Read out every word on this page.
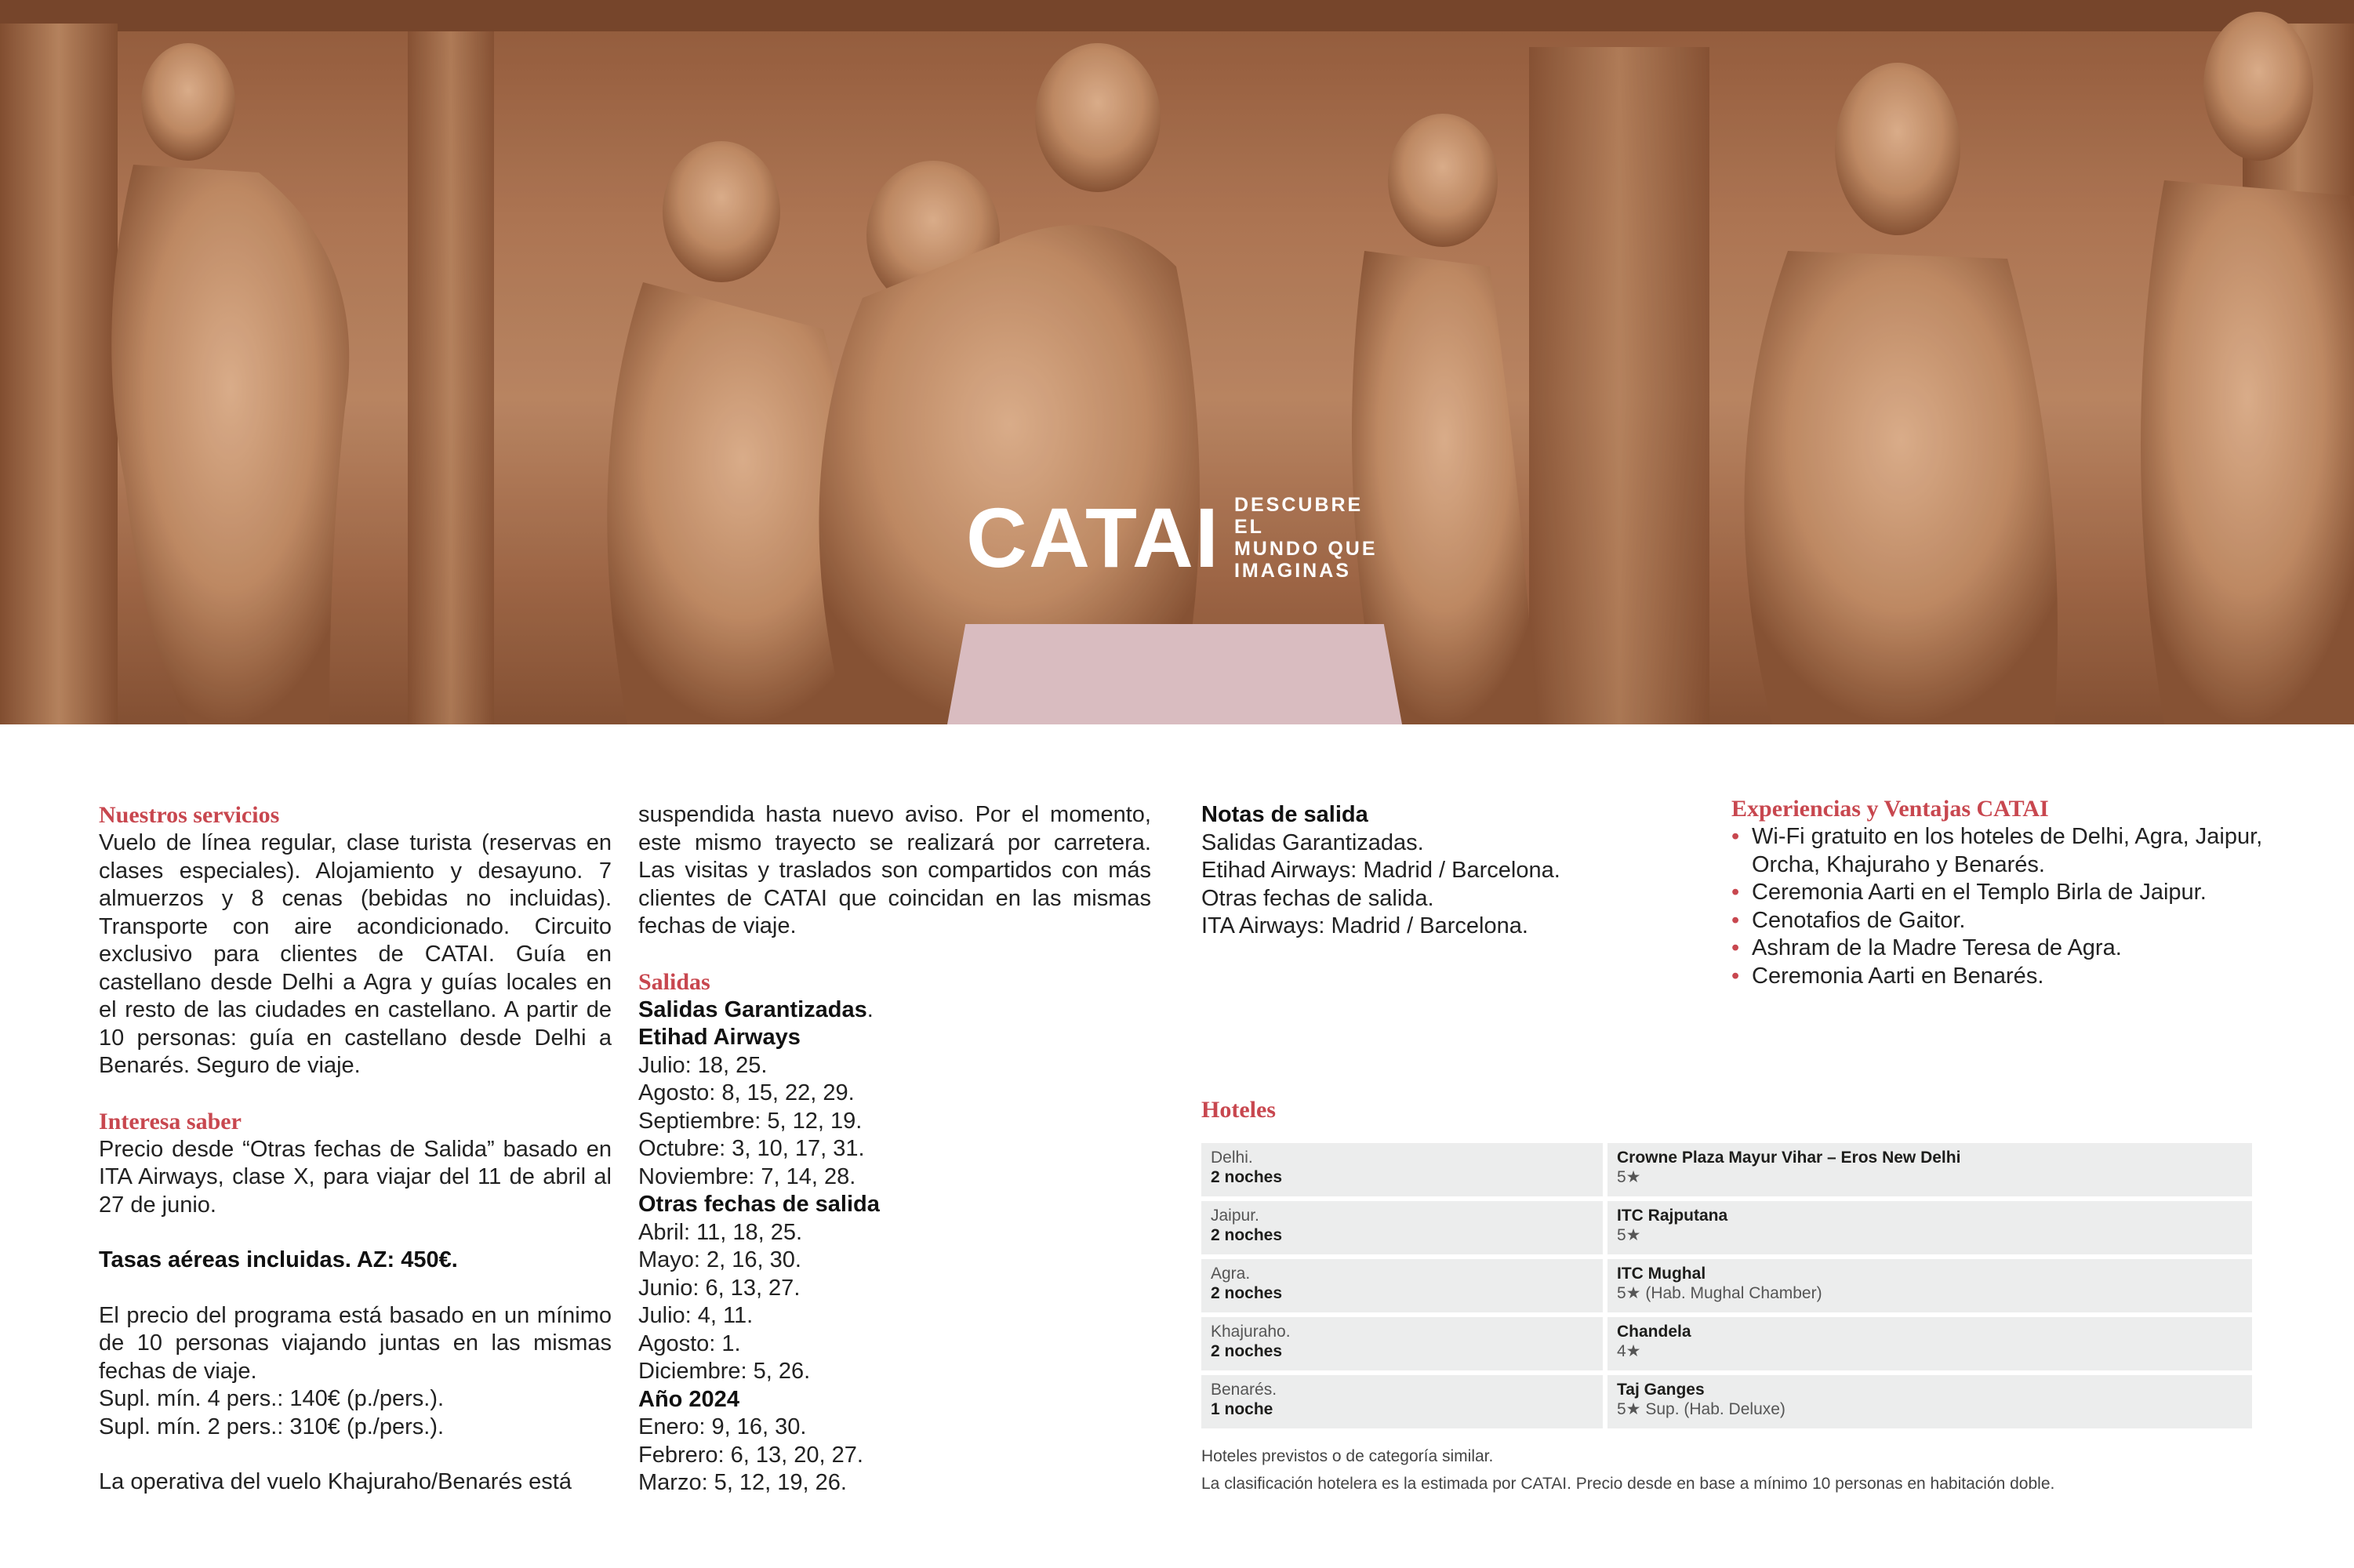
CATAI DESCUBRE EL
MUNDO QUE
IMAGINAS
Nuestros servicios

Vuelo de línea regular, clase turista (reservas en clases especiales). Alojamiento y desayuno. 7 almuerzos y 8 cenas (bebidas no incluidas). Transporte con aire acondicionado. Circuito exclusivo para clientes de CATAI. Guía en castellano desde Delhi a Agra y guías locales en el resto de las ciudades en castellano. A partir de 10 personas: guía en castellano desde Delhi a Benarés. Seguro de viaje.

Interesa saber

Precio desde “Otras fechas de Salida” basado en ITA Airways, clase X, para viajar del 11 de abril al 27 de junio.

Tasas aéreas incluidas. AZ: 450€.

El precio del programa está basado en un mínimo de 10 personas viajando juntas en las mismas fechas de viaje.

Supl. mín. 4 pers.: 140€ (p./pers.).

Supl. mín. 2 pers.: 310€ (p./pers.).

La operativa del vuelo Khajuraho/Benarés está

suspendida hasta nuevo aviso. Por el momento, este mismo trayecto se realizará por carretera. Las visitas y traslados son compartidos con más clientes de CATAI que coincidan en las mismas fechas de viaje.

Salidas
Salidas Garantizadas.
Etihad Airways
Julio: 18, 25.
Agosto: 8, 15, 22, 29.
Septiembre: 5, 12, 19.
Octubre: 3, 10, 17, 31.
Noviembre: 7, 14, 28.
Otras fechas de salida
Abril: 11, 18, 25.
Mayo: 2, 16, 30.
Junio: 6, 13, 27.
Julio: 4, 11.
Agosto: 1.
Diciembre: 5, 26.
Año 2024
Enero: 9, 16, 30.
Febrero: 6, 13, 20, 27.
Marzo: 5, 12, 19, 26.
Notas de salida
Salidas Garantizadas.
Etihad Airways: Madrid / Barcelona.
Otras fechas de salida.
ITA Airways: Madrid / Barcelona.
Experiencias y Ventajas CATAI
• Wi-Fi gratuito en los hoteles de Delhi, Agra, Jaipur, Orcha, Khajuraho y Benarés.
• Ceremonia Aarti en el Templo Birla de Jaipur.
• Cenotafios de Gaitor.
• Ashram de la Madre Teresa de Agra.
• Ceremonia Aarti en Benarés.
Hoteles
Delhi.
2 noches
Crowne Plaza Mayur Vihar – Eros New Delhi
5★
Jaipur.
2 noches
ITC Rajputana
5★
Agra.
2 noches
ITC Mughal
5★ (Hab. Mughal Chamber)
Khajuraho.
2 noches
Chandela
4★
Benarés.
1 noche
Taj Ganges
5★ Sup. (Hab. Deluxe)
Hoteles previstos o de categoría similar.
La clasificación hotelera es la estimada por CATAI. Precio desde en base a mínimo 10 personas en habitación doble.
